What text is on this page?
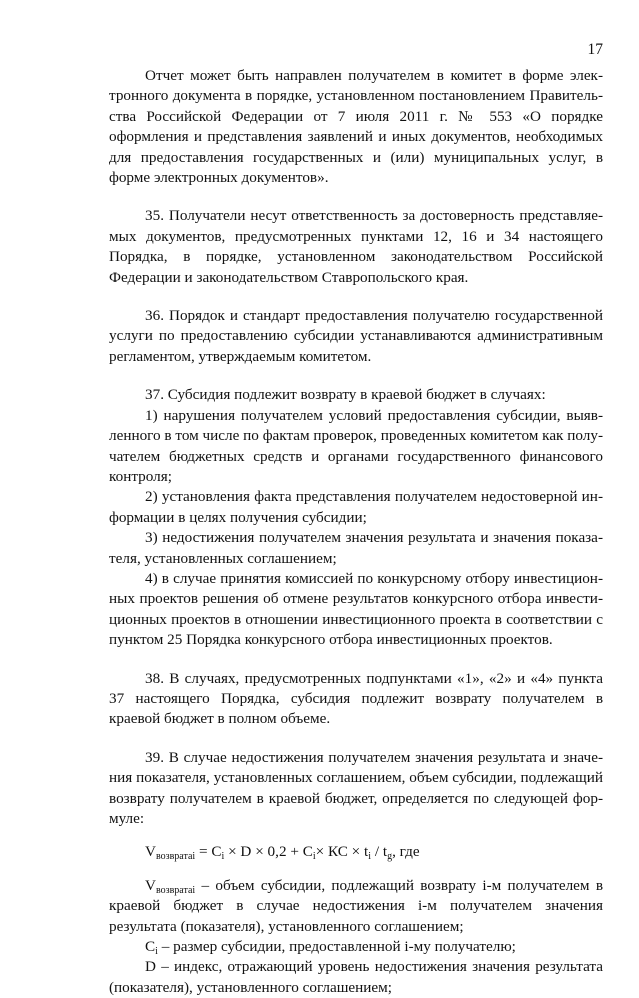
17

Отчет может быть направлен получателем в комитет в форме электронного документа в порядке, установленном постановлением Правительства Российской Федерации от 7 июля 2011 г. № 553 «О порядке оформления и представления заявлений и иных документов, необходимых для предоставления государственных и (или) муниципальных услуг, в форме электронных документов».

35. Получатели несут ответственность за достоверность представляемых документов, предусмотренных пунктами 12, 16 и 34 настоящего Порядка, в порядке, установленном законодательством Российской Федерации и законодательством Ставропольского края.

36. Порядок и стандарт предоставления получателю государственной услуги по предоставлению субсидии устанавливаются административным регламентом, утверждаемым комитетом.

37. Субсидия подлежит возврату в краевой бюджет в случаях:

1) нарушения получателем условий предоставления субсидии, выявленного в том числе по фактам проверок, проведенных комитетом как получателем бюджетных средств и органами государственного финансового контроля;

2) установления факта представления получателем недостоверной информации в целях получения субсидии;

3) недостижения получателем значения результата и значения показателя, установленных соглашением;

4) в случае принятия комиссией по конкурсному отбору инвестиционных проектов решения об отмене результатов конкурсного отбора инвестиционных проектов в отношении инвестиционного проекта в соответствии с пунктом 25 Порядка конкурсного отбора инвестиционных проектов.

38. В случаях, предусмотренных подпунктами «1», «2» и «4» пункта 37 настоящего Порядка, субсидия подлежит возврату получателем в краевой бюджет в полном объеме.

39. В случае недостижения получателем значения результата и значения показателя, установленных соглашением, объем субсидии, подлежащий возврату получателем в краевой бюджет, определяется по следующей формуле:

$V_{возвратаi} = C_i \times D \times 0,2 + C_i\times$ КС × $t_i / t_g$, где

$V_{возвратаi}$ – объем субсидии, подлежащий возврату i-м получателем в краевой бюджет в случае недостижения i-м получателем значения результата (показателя), установленного соглашением;

$C_i$ – размер субсидии, предоставленной i-му получателю;

D – индекс, отражающий уровень недостижения значения результата (показателя), установленного соглашением;
